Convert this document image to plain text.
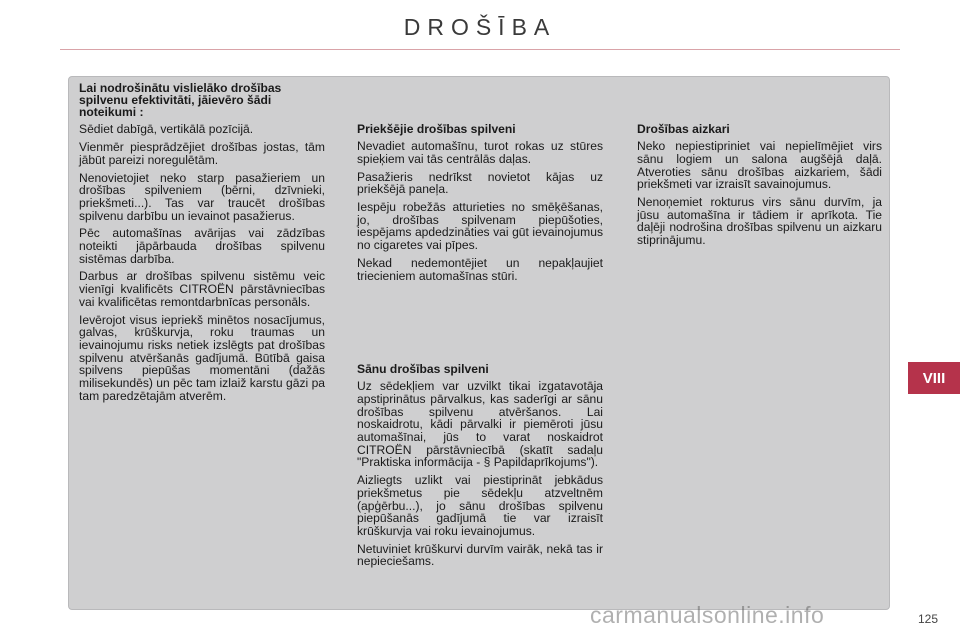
DROŠĪBA
Lai nodrošinātu vislielāko drošības spilvenu efektivitāti, jāievēro šādi noteikumi :

Sēdiet dabīgā, vertikālā pozīcijā.

Vienmēr piesprādzējiet drošības jostas, tām jābūt pareizi noregulētām.

Nenovietojiet neko starp pasažieriem un drošības spilveniem (bērni, dzīvnieki, priekšmeti...). Tas var traucēt drošības spilvenu darbību un ievainot pasažierus.

Pēc automašīnas avārijas vai zādzības noteikti jāpārbauda drošības spilvenu sistēmas darbība.

Darbus ar drošības spilvenu sistēmu veic vienīgi kvalificēts CITROËN pārstāvniecības vai kvalificētas remontdarbnīcas personāls.

Ievērojot visus iepriekš minētos nosacījumus, galvas, krūškurvja, roku traumas un ievainojumu risks netiek izslēgts pat drošības spilvenu atvēršanās gadījumā. Būtībā gaisa spilvens piepūšas momentāni (dažās milisekundēs) un pēc tam izlaiž karstu gāzi pa tam paredzētajām atverēm.

Priekšējie drošības spilveni

Nevadiet automašīnu, turot rokas uz stūres spieķiem vai tās centrālās daļas.

Pasažieris nedrīkst novietot kājas uz priekšējā paneļa.

Iespēju robežās atturieties no smēķēšanas, jo, drošības spilvenam piepūšoties, iespējams apdedzināties vai gūt ievainojumus no cigaretes vai pīpes.

Nekad nedemontējiet un nepakļaujiet triecieniem automašīnas stūri.

Sānu drošības spilveni

Uz sēdekļiem var uzvilkt tikai izgatavotāja apstiprinātus pārvalkus, kas saderīgi ar sānu drošības spilvenu atvēršanos. Lai noskaidrotu, kādi pārvalki ir piemēroti jūsu automašīnai, jūs to varat noskaidrot CITROËN pārstāvniecībā (skatīt sadaļu "Praktiska informācija - § Papildaprīkojums").

Aizliegts uzlikt vai piestiprināt jebkādus priekšmetus pie sēdekļu atzveltnēm (apģērbu...), jo sānu drošības spilvenu piepūšanās gadījumā tie var izraisīt krūškurvja vai roku ievainojumus.

Netuviniet krūškurvi durvīm vairāk, nekā tas ir nepieciešams.

Drošības aizkari

Neko nepiestipriniet vai nepielīmējiet virs sānu logiem un salona augšējā daļā. Atveroties sānu drošības aizkariem, šādi priekšmeti var izraisīt savainojumus.

Nenoņemiet rokturus virs sānu durvīm, ja jūsu automašīna ir tādiem ir aprīkota. Tie daļēji nodrošina drošības spilvenu un aizkaru stiprinājumu.

VIII
carmanualsonline.info	125
